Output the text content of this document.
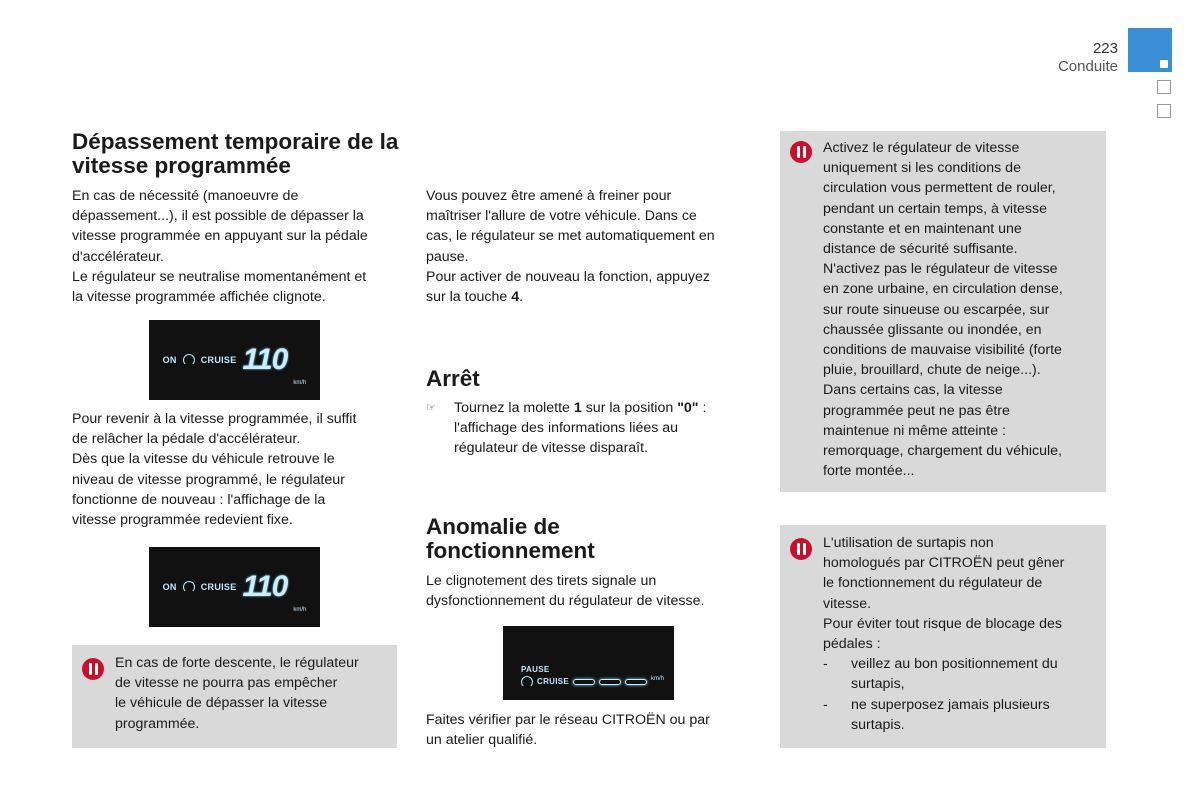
223
Conduite
Dépassement temporaire de la vitesse programmée

En cas de nécessité (manoeuvre de

dépassement...), il est possible de dépasser la

vitesse programmée en appuyant sur la pédale

d'accélérateur.

Le régulateur se neutralise momentanément et

la vitesse programmée affichée clignote.

ON	CRUISE 110
km/h

Pour revenir à la vitesse programmée, il suffit

de relâcher la pédale d'accélérateur.

Dès que la vitesse du véhicule retrouve le

niveau de vitesse programmé, le régulateur

fonctionne de nouveau : l'affichage de la

vitesse programmée redevient fixe.

ON	CRUISE 110
km/h

En cas de forte descente, le régulateur

de vitesse ne pourra pas empêcher

le véhicule de dépasser la vitesse

programmée.

Vous pouvez être amené à freiner pour

maîtriser l'allure de votre véhicule. Dans ce

cas, le régulateur se met automatiquement en

pause.

Pour activer de nouveau la fonction, appuyez

sur la touche 4.

Arrêt
☞ Tournez la molette 1 sur la position "0" :

l'affichage des informations liées au

régulateur de vitesse disparaît.

Anomalie de
fonctionnement

Le clignotement des tirets signale un

dysfonctionnement du régulateur de vitesse.

PAUSE
CRUISE	km/h

Faites vérifier par le réseau CITROËN ou par

un atelier qualifié.

Activez le régulateur de vitesse

uniquement si les conditions de

circulation vous permettent de rouler,

pendant un certain temps, à vitesse

constante et en maintenant une

distance de sécurité suffisante.

N'activez pas le régulateur de vitesse

en zone urbaine, en circulation dense,

sur route sinueuse ou escarpée, sur

chaussée glissante ou inondée, en

conditions de mauvaise visibilité (forte

pluie, brouillard, chute de neige...).

Dans certains cas, la vitesse

programmée peut ne pas être

maintenue ni même atteinte :

remorquage, chargement du véhicule,

forte montée...

L'utilisation de surtapis non

homologués par CITROËN peut gêner

le fonctionnement du régulateur de

vitesse.

Pour éviter tout risque de blocage des

pédales :

- veillez au bon positionnement du

surtapis,

- ne superposez jamais plusieurs

surtapis.
